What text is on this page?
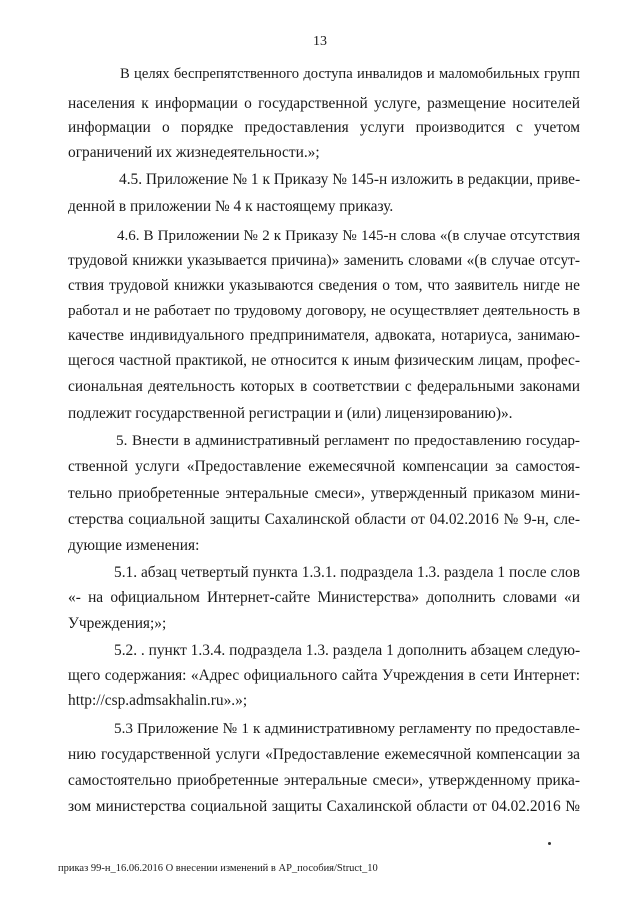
13
В целях беспрепятственного доступа инвалидов и маломобильных групп
населения к информации о государственной услуге, размещение носителей
информации о порядке предоставления услуги производится с учетом
ограничений их жизнедеятельности.»;
4.5. Приложение № 1 к Приказу № 145-н изложить в редакции, приве-
денной в приложении № 4 к настоящему приказу.
4.6. В Приложении № 2 к Приказу № 145-н слова «(в случае отсутствия
трудовой книжки указывается причина)» заменить словами «(в случае отсут-
ствия трудовой книжки указываются сведения о том, что заявитель нигде не
работал и не работает по трудовому договору, не осуществляет деятельность в
качестве индивидуального предпринимателя, адвоката, нотариуса, занимаю-
щегося частной практикой, не относится к иным физическим лицам, профес-
сиональная деятельность которых в соответствии с федеральными законами
подлежит государственной регистрации и (или) лицензированию)».
5. Внести в административный регламент по предоставлению государ-
ственной услуги «Предоставление ежемесячной компенсации за самостоя-
тельно приобретенные энтеральные смеси», утвержденный приказом мини-
стерства социальной защиты Сахалинской области от 04.02.2016 № 9-н, сле-
дующие изменения:
5.1. абзац четвертый пункта 1.3.1. подраздела 1.3. раздела 1 после слов
«- на официальном Интернет-сайте Министерства» дополнить словами «и
Учреждения;»;
5.2. . пункт 1.3.4. подраздела 1.3. раздела 1 дополнить абзацем следую-
щего содержания: «Адрес официального сайта Учреждения в сети Интернет:
http://csp.admsakhalin.ru».»;
5.3 Приложение № 1 к административному регламенту по предоставле-
нию государственной услуги «Предоставление ежемесячной компенсации за
самостоятельно приобретенные энтеральные смеси», утвержденному прика-
зом министерства социальной защиты Сахалинской области от 04.02.2016 №
приказ 99-н_16.06.2016 О внесении изменений в АР_пособия/Struct_10
